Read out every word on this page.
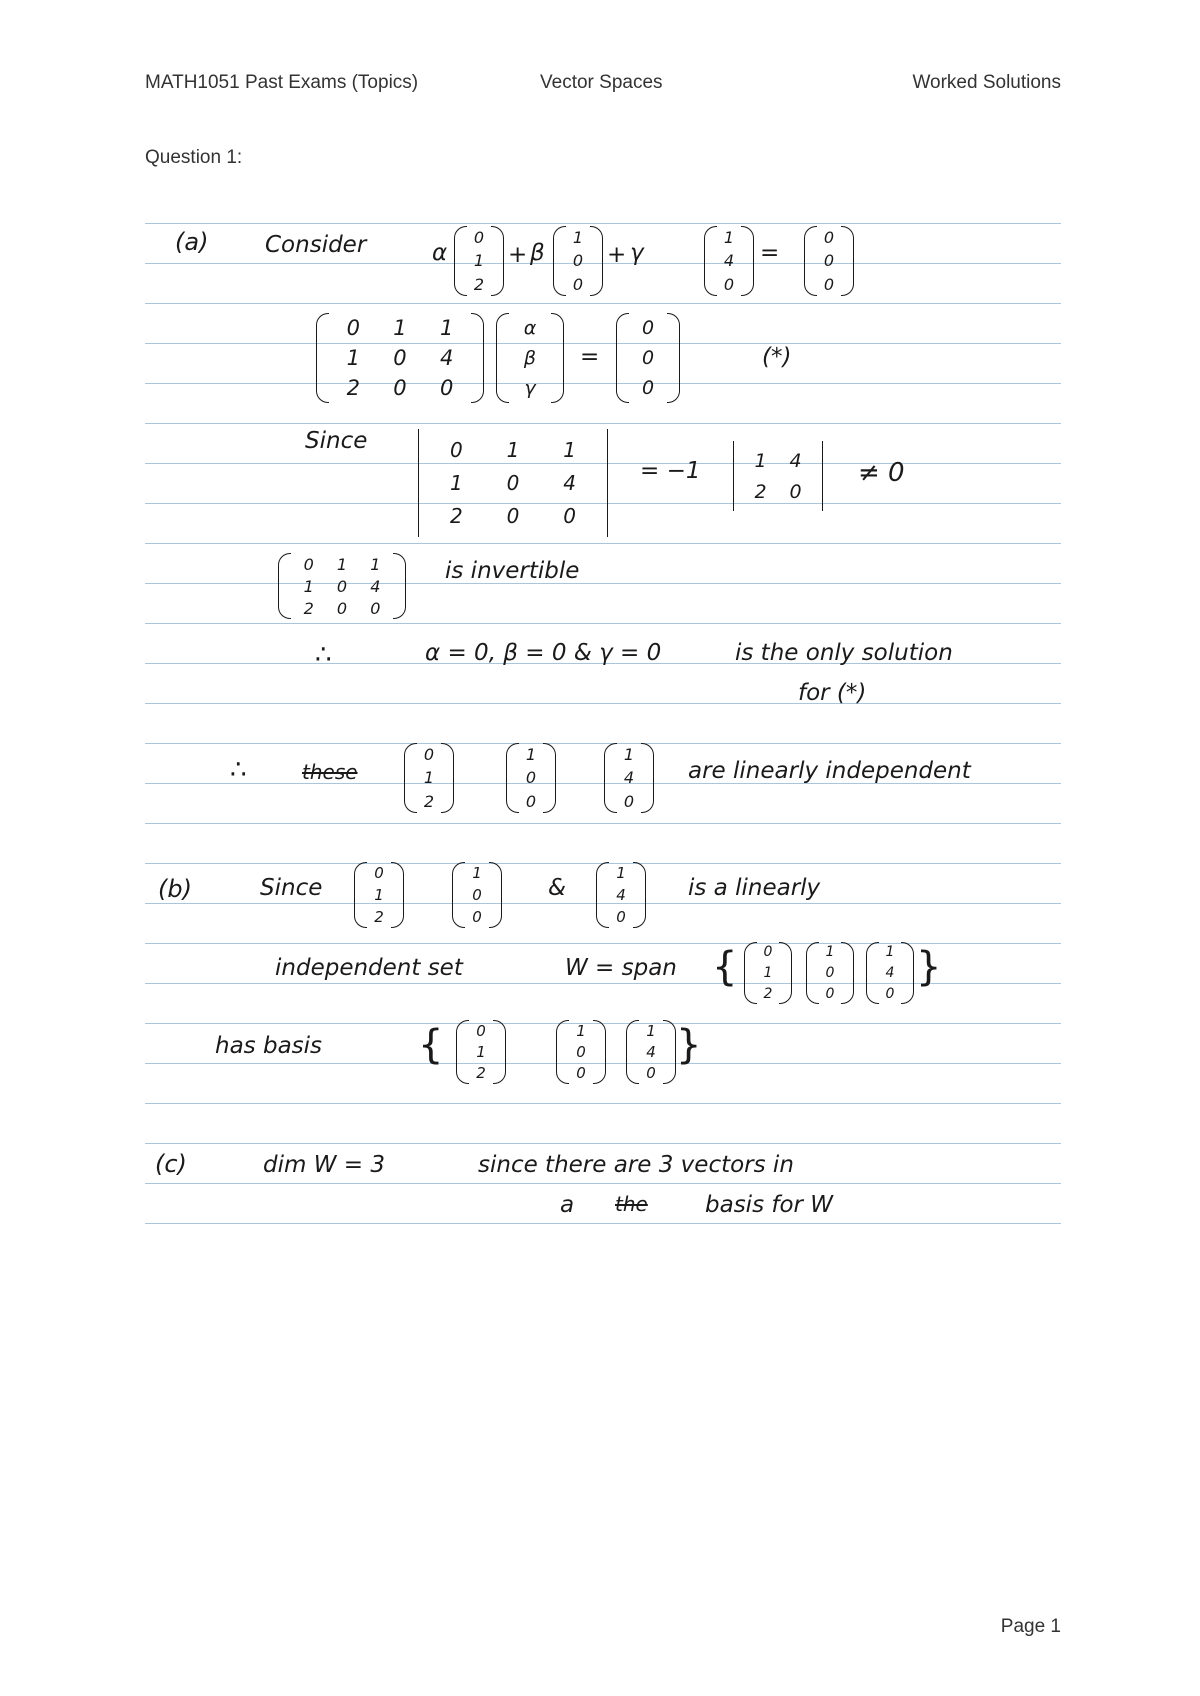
MATH1051 Past Exams (Topics)	Vector Spaces	Worked Solutions
Question 1:
(a) Consider	α
0
1
2
+ β
1
0
0
+ γ
1
4
0
=
0
0
0
0 1 1
1 0 4
2 0 0
α
β
γ
=
0
0
0
(*)
Since	0 1 1
1 0 4
2 0 0
= −1	1 4
2 0
≠ 0
0 1 1
1 0 4
2 0 0
is invertible
∴	α = 0, β = 0 & γ = 0	is the only solution
for (*)
∴	these
0
1
2
1
0
0
1
4
0
are linearly independent
(b)	Since
0
1
2
1
0
0
&
1
4
0
is a linearly
independent set	W = span { 0
1
2
1
0
0
1
4
0
}
has basis { 0
1
2
1
0
0
1
4
0
}
(c)	dim W = 3	since there are 3 vectors in
a the basis for W
Page 1
